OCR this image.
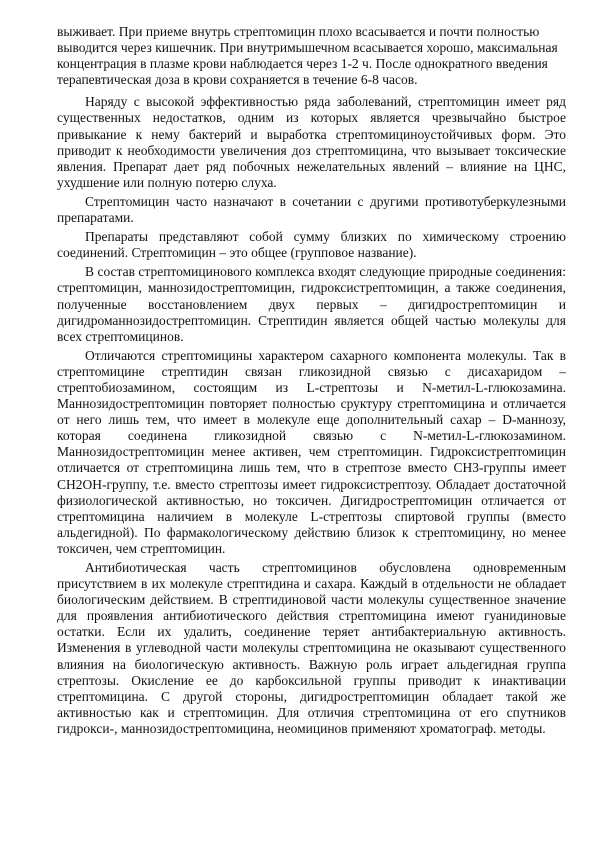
выживает. При приеме внутрь стрептомицин плохо всасывается и почти полностью выводится через кишечник. При внутримышечном всасывается хорошо, максимальная концентрация в плазме крови наблюдается через 1-2 ч. После однократного введения терапевтическая доза в крови сохраняется в течение 6-8 часов.

Наряду с высокой эффективностью ряда заболеваний, стрептомицин имеет ряд существенных недостатков, одним из которых является чрезвычайно быстрое привыкание к нему бактерий и выработка стрептомициноустойчивых форм. Это приводит к необходимости увеличения доз стрептомицина, что вызывает токсические явления. Препарат дает ряд побочных нежелательных явлений – влияние на ЦНС, ухудшение или полную потерю слуха.

Стрептомицин часто назначают в сочетании с другими противотуберкулезными препаратами.

Препараты представляют собой сумму близких по химическому строению соединений. Стрептомицин – это общее (групповое название).

В состав стрептомицинового комплекса входят следующие природные соединения: стрептомицин, маннозидострептомицин, гидроксистрептомицин, а также соединения, полученные восстановлением двух первых – дигидрострептомицин и дигидроманнозидострептомицин. Стрептидин является общей частью молекулы для всех стрептомицинов.

Отличаются стрептомицины характером сахарного компонента молекулы. Так в стрептомицине стрептидин связан гликозидной связью с дисахаридом – стрептобиозамином, состоящим из L-стрептозы и N-метил-L-глюкозамина. Маннозидострептомицин повторяет полностью сруктуру стрептомицина и отличается от него лишь тем, что имеет в молекуле еще дополнительный сахар – D-маннозу, которая соединена гликозидной связью с N-метил-L-глюкозамином. Маннозидострептомицин менее активен, чем стрептомицин. Гидроксистрептомицин отличается от стрептомицина лишь тем, что в стрептозе вместо СН3-группы имеет СН2ОН-группу, т.е. вместо стрептозы имеет гидроксистрептозу. Обладает достаточной физиологической активностью, но токсичен. Дигидрострептомицин отличается от стрептомицина наличием в молекуле L-стрептозы спиртовой группы (вместо альдегидной). По фармакологическому действию близок к стрептомицину, но менее токсичен, чем стрептомицин.

Антибиотическая часть стрептомицинов обусловлена одновременным присутствием в их молекуле стрептидина и сахара. Каждый в отдельности не обладает биологическим действием. В стрептидиновой части молекулы существенное значение для проявления антибиотического действия стрептомицина имеют гуанидиновые остатки. Если их удалить, соединение теряет антибактериальную активность. Изменения в углеводной части молекулы стрептомицина не оказывают существенного влияния на биологическую активность. Важную роль играет альдегидная группа стрептозы. Окисление ее до карбоксильной группы приводит к инактивации стрептомицина. С другой стороны, дигидрострептомицин обладает такой же активностью как и стрептомицин. Для отличия стрептомицина от его спутников гидрокси-, маннозидострептомицина, неомицинов применяют хроматограф. методы.
